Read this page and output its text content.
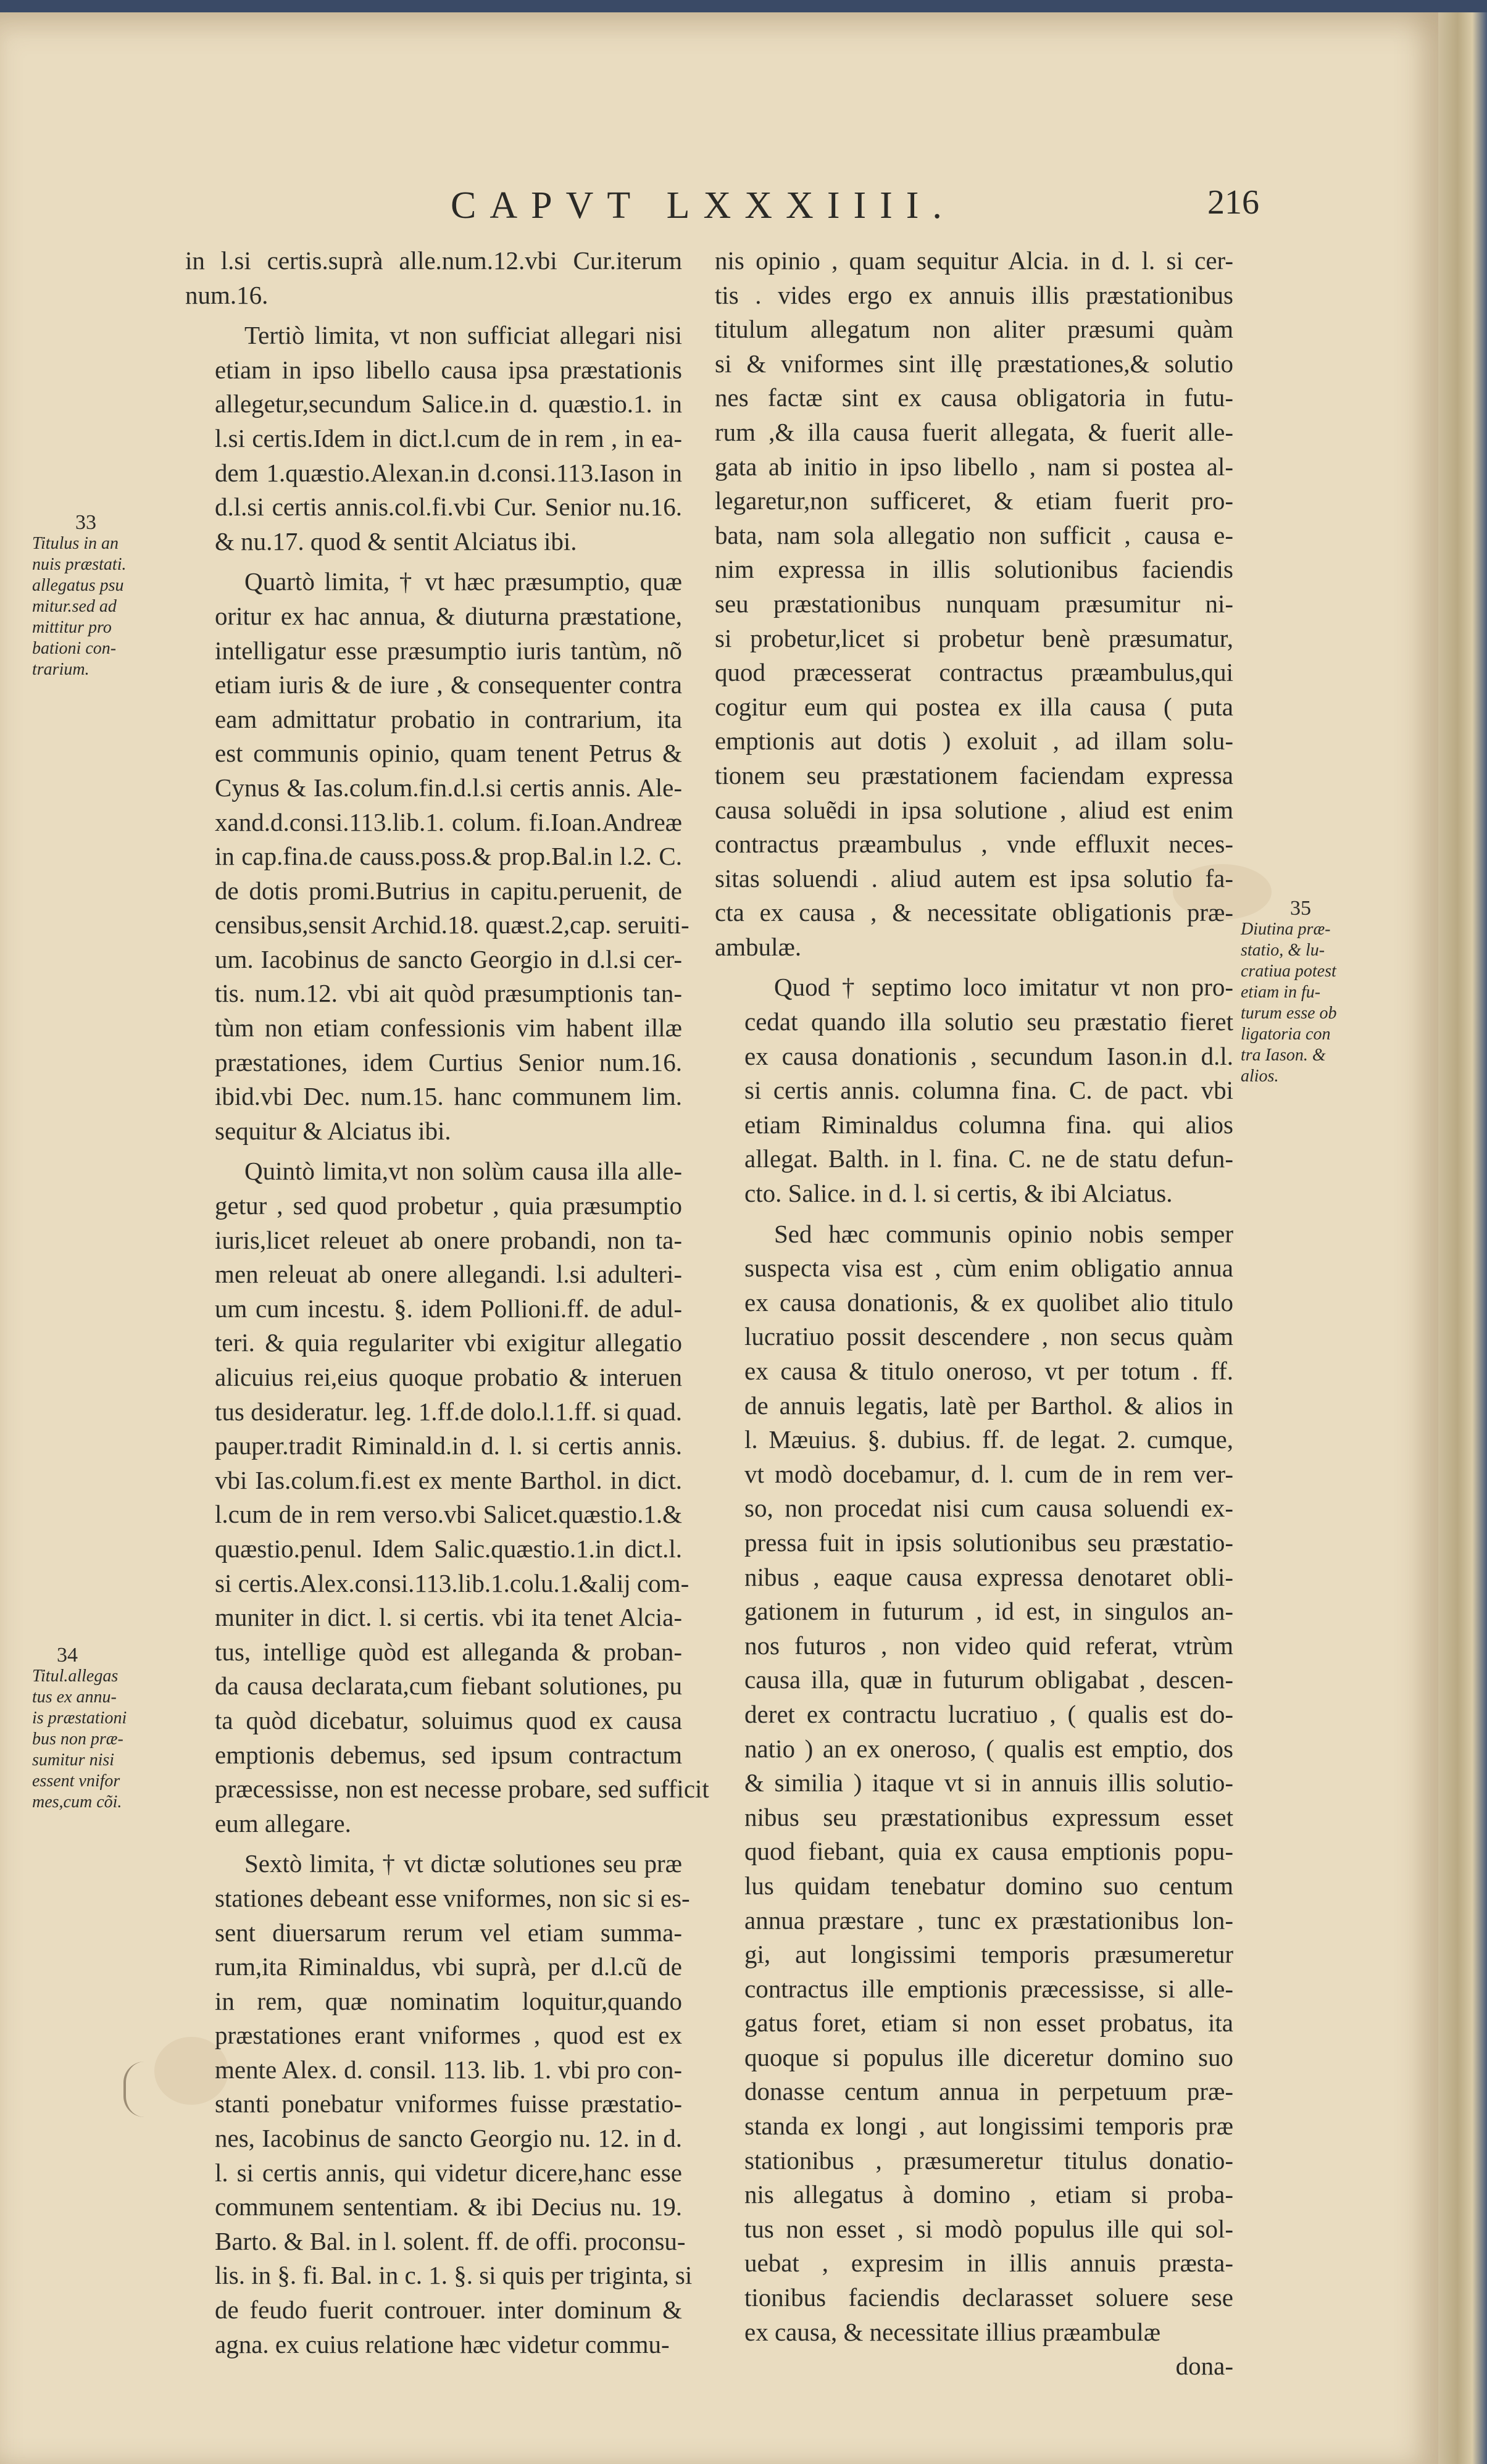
CAPVT LXXXIIII.	216
in l.si certis.suprà alle.num.12.vbi Cur.iterum
num.16.
Tertiò limita, vt non sufficiat allegari nisi
etiam in ipso libello causa ipsa præstationis
allegetur,secundum Salice.in d. quæstio.1. in
l.si certis.Idem in dict.l.cum de in rem , in ea-
dem 1.quæstio.Alexan.in d.consi.113.Iason in
d.l.si certis annis.col.fi.vbi Cur. Senior nu.16.
& nu.17. quod & sentit Alciatus ibi.
Quartò limita, † vt hæc præsumptio, quæ
oritur ex hac annua, & diuturna præstatione,
intelligatur esse præsumptio iuris tantùm, nõ
etiam iuris & de iure , & consequenter contra
eam admittatur probatio in contrarium, ita
est communis opinio, quam tenent Petrus &
Cynus & Ias.colum.fin.d.l.si certis annis. Ale-
xand.d.consi.113.lib.1. colum. fi.Ioan.Andreæ
in cap.fina.de causs.poss.& prop.Bal.in l.2. C.
de dotis promi.Butrius in capitu.peruenit, de
censibus,sensit Archid.18. quæst.2,cap. seruiti-
um. Iacobinus de sancto Georgio in d.l.si cer-
tis. num.12. vbi ait quòd præsumptionis tan-
tùm non etiam confessionis vim habent illæ
præstationes, idem Curtius Senior num.16.
ibid.vbi Dec. num.15. hanc communem lim.
sequitur & Alciatus ibi.
Quintò limita,vt non solùm causa illa alle-
getur , sed quod probetur , quia præsumptio
iuris,licet releuet ab onere probandi, non ta-
men releuat ab onere allegandi. l.si adulteri-
um cum incestu. §. idem Pollioni.ff. de adul-
teri. & quia regulariter vbi exigitur allegatio
alicuius rei,eius quoque probatio & interuen
tus desideratur. leg. 1.ff.de dolo.l.1.ff. si quad.
pauper.tradit Riminald.in d. l. si certis annis.
vbi Ias.colum.fi.est ex mente Barthol. in dict.
l.cum de in rem verso.vbi Salicet.quæstio.1.&
quæstio.penul. Idem Salic.quæstio.1.in dict.l.
si certis.Alex.consi.113.lib.1.colu.1.&alij com-
muniter in dict. l. si certis. vbi ita tenet Alcia-
tus, intellige quòd est alleganda & proban-
da causa declarata,cum fiebant solutiones, pu
ta quòd dicebatur, soluimus quod ex causa
emptionis debemus, sed ipsum contractum
præcessisse, non est necesse probare, sed sufficit
eum allegare.
Sextò limita, † vt dictæ solutiones seu præ
stationes debeant esse vniformes, non sic si es-
sent diuersarum rerum vel etiam summa-
rum,ita Riminaldus, vbi suprà, per d.l.cũ de
in rem, quæ nominatim loquitur,quando
præstationes erant vniformes , quod est ex
mente Alex. d. consil. 113. lib. 1. vbi pro con-
stanti ponebatur vniformes fuisse præstatio-
nes, Iacobinus de sancto Georgio nu. 12. in d.
l. si certis annis, qui videtur dicere,hanc esse
communem sententiam. & ibi Decius nu. 19.
Barto. & Bal. in l. solent. ff. de offi. proconsu-
lis. in §. fi. Bal. in c. 1. §. si quis per triginta, si
de feudo fuerit controuer. inter dominum &
agna. ex cuius relatione hæc videtur commu-
nis opinio , quam sequitur Alcia. in d. l. si cer-
tis . vides ergo ex annuis illis præstationibus
titulum allegatum non aliter præsumi quàm
si & vniformes sint illę præstationes,& solutio
nes factæ sint ex causa obligatoria in futu-
rum ,& illa causa fuerit allegata, & fuerit alle-
gata ab initio in ipso libello , nam si postea al-
legaretur,non sufficeret, & etiam fuerit pro-
bata, nam sola allegatio non sufficit , causa e-
nim expressa in illis solutionibus faciendis
seu præstationibus nunquam præsumitur ni-
si probetur,licet si probetur benè præsumatur,
quod præcesserat contractus præambulus,qui
cogitur eum qui postea ex illa causa ( puta
emptionis aut dotis ) exoluit , ad illam solu-
tionem seu præstationem faciendam expressa
causa soluẽdi in ipsa solutione , aliud est enim
contractus præambulus , vnde effluxit neces-
sitas soluendi . aliud autem est ipsa solutio fa-
cta ex causa , & necessitate obligationis præ-
ambulæ.
Quod † septimo loco imitatur vt non pro-
cedat quando illa solutio seu præstatio fieret
ex causa donationis , secundum Iason.in d.l.
si certis annis. columna fina. C. de pact. vbi
etiam Riminaldus columna fina. qui alios
allegat. Balth. in l. fina. C. ne de statu defun-
cto. Salice. in d. l. si certis, & ibi Alciatus.
Sed hæc communis opinio nobis semper
suspecta visa est , cùm enim obligatio annua
ex causa donationis, & ex quolibet alio titulo
lucratiuo possit descendere , non secus quàm
ex causa & titulo oneroso, vt per totum . ff.
de annuis legatis, latè per Barthol. & alios in
l. Mæuius. §. dubius. ff. de legat. 2. cumque,
vt modò docebamur, d. l. cum de in rem ver-
so, non procedat nisi cum causa soluendi ex-
pressa fuit in ipsis solutionibus seu præstatio-
nibus , eaque causa expressa denotaret obli-
gationem in futurum , id est, in singulos an-
nos futuros , non video quid referat, vtrùm
causa illa, quæ in futurum obligabat , descen-
deret ex contractu lucratiuo , ( qualis est do-
natio ) an ex oneroso, ( qualis est emptio, dos
& similia ) itaque vt si in annuis illis solutio-
nibus seu præstationibus expressum esset
quod fiebant, quia ex causa emptionis popu-
lus quidam tenebatur domino suo centum
annua præstare , tunc ex præstationibus lon-
gi, aut longissimi temporis præsumeretur
contractus ille emptionis præcessisse, si alle-
gatus foret, etiam si non esset probatus, ita
quoque si populus ille diceretur domino suo
donasse centum annua in perpetuum præ-
standa ex longi , aut longissimi temporis præ
stationibus , præsumeretur titulus donatio-
nis allegatus à domino , etiam si proba-
tus non esset , si modò populus ille qui sol-
uebat , expresim in illis annuis præsta-
tionibus faciendis declarasset soluere sese
ex causa, & necessitate illius præambulæ
dona-
33
Titulus in an
nuis præstati.
allegatus psu
mitur.sed ad
mittitur pro
bationi con-
trarium.
34
Titul.allegas
tus ex annu-
is præstationi
bus non præ-
sumitur nisi
essent vnifor
mes,cum cõi.
35
Diutina præ-
statio, & lu-
cratiua potest
etiam in fu-
turum esse ob
ligatoria con
tra Iason. &
alios.
